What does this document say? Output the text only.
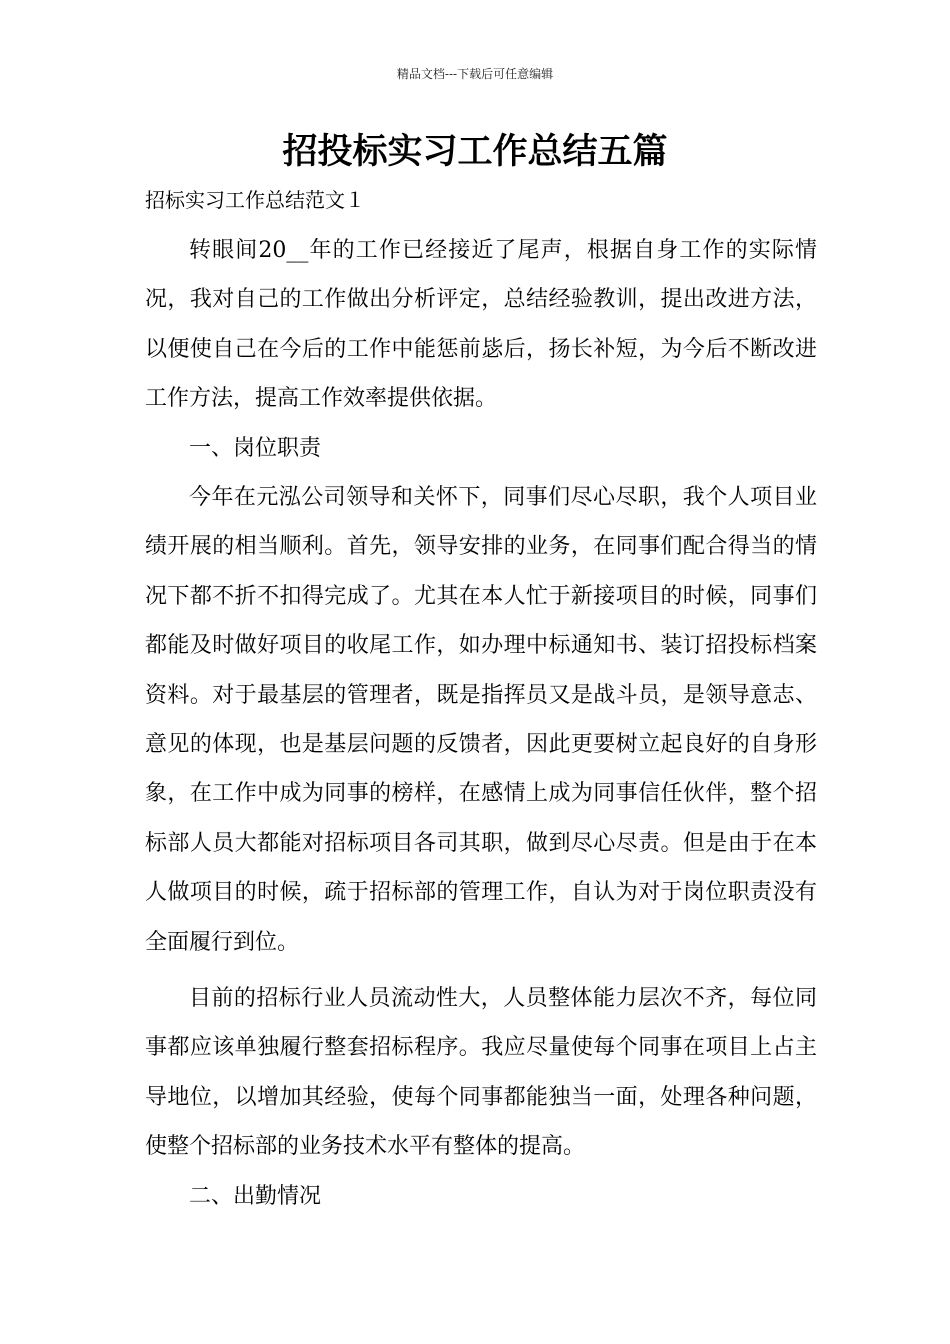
精品文档---下载后可任意编辑
招投标实习工作总结五篇
招标实习工作总结范文１

转眼间20__年的工作已经接近了尾声，根据自身工作的实际情况，我对自己的工作做出分析评定，总结经验教训，提出改进方法，以便使自己在今后的工作中能惩前毖后，扬长补短，为今后不断改进工作方法，提高工作效率提供依据。

一、岗位职责

今年在元泓公司领导和关怀下，同事们尽心尽职，我个人项目业绩开展的相当顺利。首先，领导安排的业务，在同事们配合得当的情况下都不折不扣得完成了。尤其在本人忙于新接项目的时候，同事们都能及时做好项目的收尾工作，如办理中标通知书、装订招投标档案资料。对于最基层的管理者，既是指挥员又是战斗员，是领导意志、意见的体现，也是基层问题的反馈者，因此更要树立起良好的自身形象，在工作中成为同事的榜样，在感情上成为同事信任伙伴，整个招标部人员大都能对招标项目各司其职，做到尽心尽责。但是由于在本人做项目的时候，疏于招标部的管理工作，自认为对于岗位职责没有全面履行到位。

目前的招标行业人员流动性大，人员整体能力层次不齐，每位同事都应该单独履行整套招标程序。我应尽量使每个同事在项目上占主导地位，以增加其经验，使每个同事都能独当一面，处理各种问题，使整个招标部的业务技术水平有整体的提高。

二、出勤情况
